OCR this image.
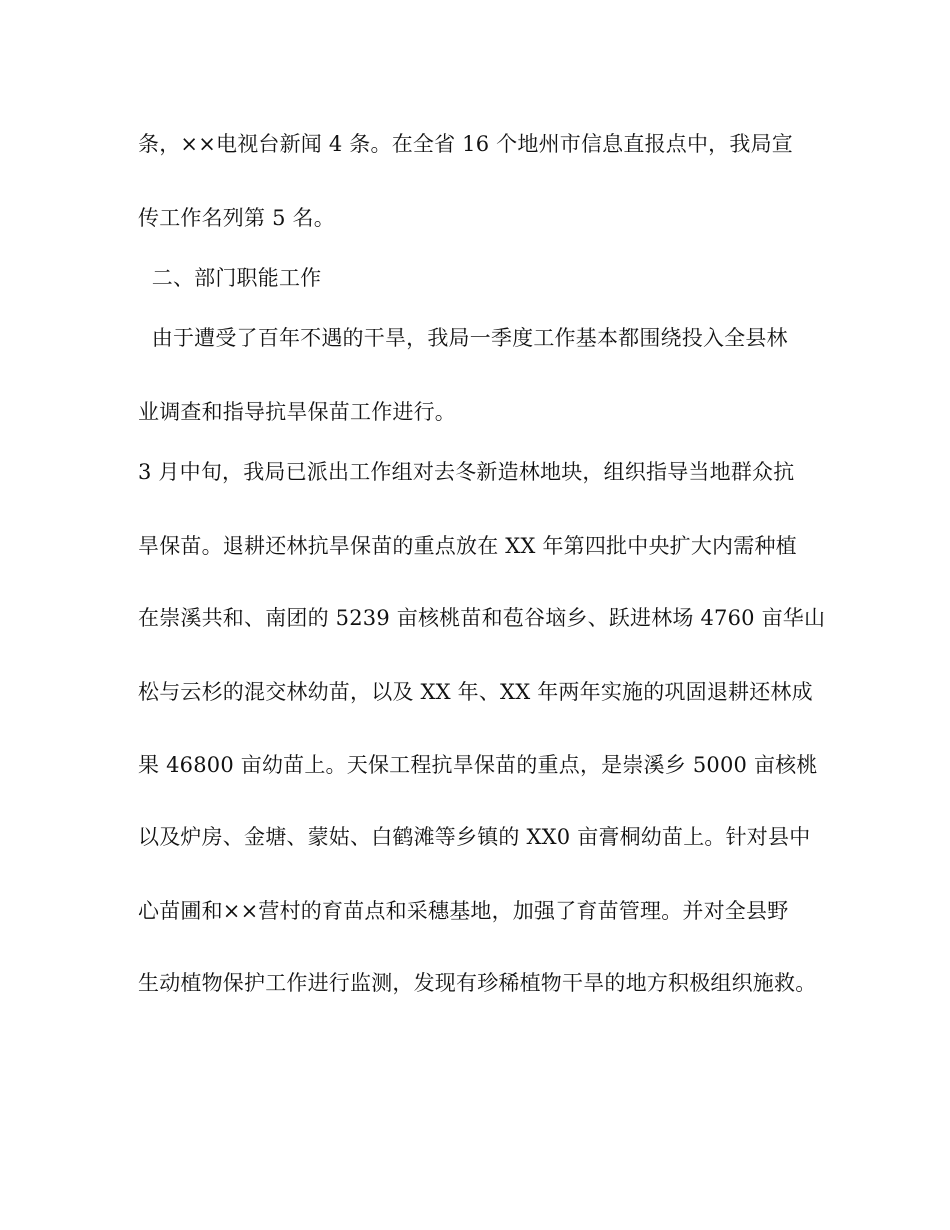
条，××电视台新闻 4 条。在全省 16 个地州市信息直报点中，我局宣
传工作名列第 5 名。
二、部门职能工作
由于遭受了百年不遇的干旱，我局一季度工作基本都围绕投入全县林
业调查和指导抗旱保苗工作进行。
3 月中旬，我局已派出工作组对去冬新造林地块，组织指导当地群众抗
旱保苗。退耕还林抗旱保苗的重点放在 XX 年第四批中央扩大内需种植
在崇溪共和、南团的 5239 亩核桃苗和苞谷垴乡、跃进林场 4760 亩华山
松与云杉的混交林幼苗，以及 XX 年、XX 年两年实施的巩固退耕还林成
果 46800 亩幼苗上。天保工程抗旱保苗的重点，是崇溪乡 5000 亩核桃
以及炉房、金塘、蒙姑、白鹤滩等乡镇的 XX0 亩膏桐幼苗上。针对县中
心苗圃和××营村的育苗点和采穗基地，加强了育苗管理。并对全县野
生动植物保护工作进行监测，发现有珍稀植物干旱的地方积极组织施救。
